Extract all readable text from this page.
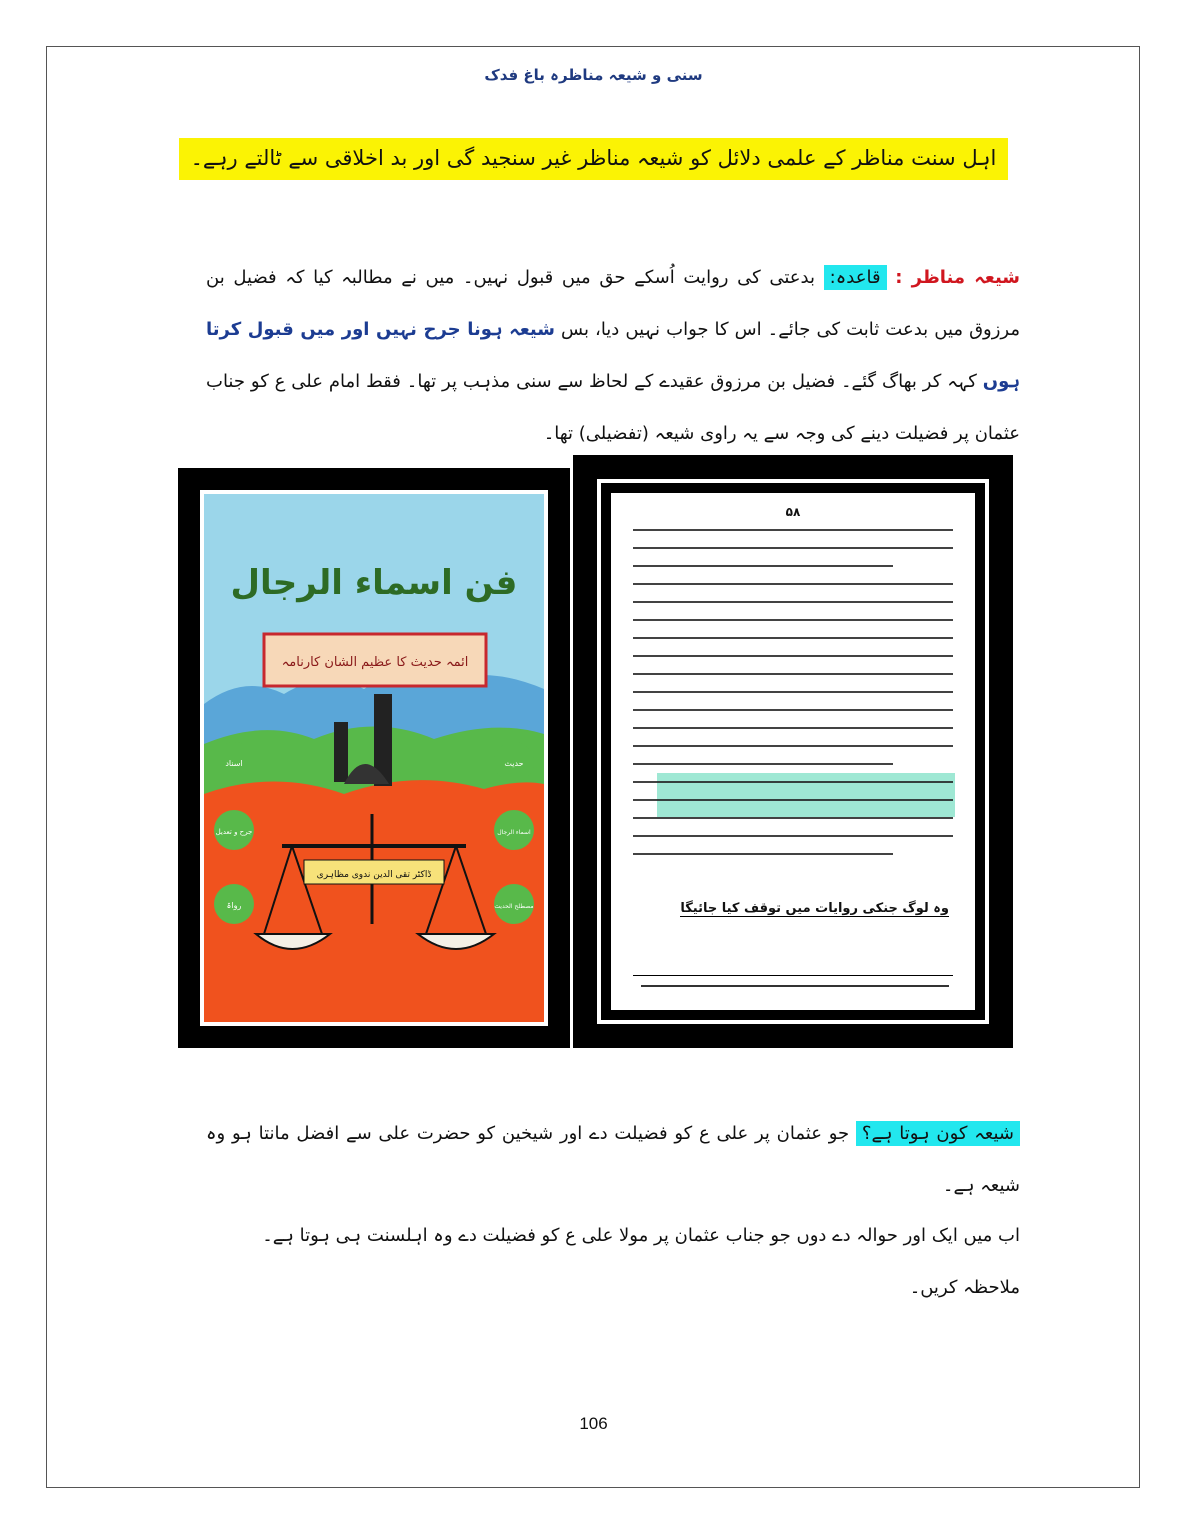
سنی و شیعہ مناظرہ باغ فدک
اہل سنت مناظر کے علمی دلائل کو شیعہ مناظر غیر سنجید گی اور بد اخلاقی سے ٹالتے رہے۔
شیعہ مناظر : قاعدہ: بدعتی کی روایت اُسکے حق میں قبول نہیں۔ میں نے مطالبہ کیا کہ فضیل بن مرزوق میں بدعت ثابت کی جائے۔ اس کا جواب نہیں دیا، بس شیعہ ہونا جرح نہیں اور میں قبول کرتا ہوں کہہ کر بھاگ گئے۔ فضیل بن مرزوق عقیدے کے لحاظ سے سنی مذہب پر تھا۔ فقط امام علی ع کو جناب عثمان پر فضیلت دینے کی وجہ سے یہ راوی شیعہ (تفضیلی) تھا۔
فن اسماء الرجال
ائمہ حدیث کا عظیم الشان کارنامہ
ڈاکٹر تقی الدین ندوی مظاہری
اسناد
جرح و تعدیل
رواۃ
حدیث
اسماء الرجال
مصطلح الحدیث
۵۸
وہ لوگ جنکی روایات میں توقف کیا جائیگا
شیعہ کون ہوتا ہے؟ جو عثمان پر علی ع کو فضیلت دے اور شیخین کو حضرت علی سے افضل مانتا ہو وہ شیعہ ہے۔
اب میں ایک اور حوالہ دے دوں جو جناب عثمان پر مولا علی ع کو فضیلت دے وہ اہلسنت ہی ہوتا ہے۔
ملاحظہ کریں۔
106
